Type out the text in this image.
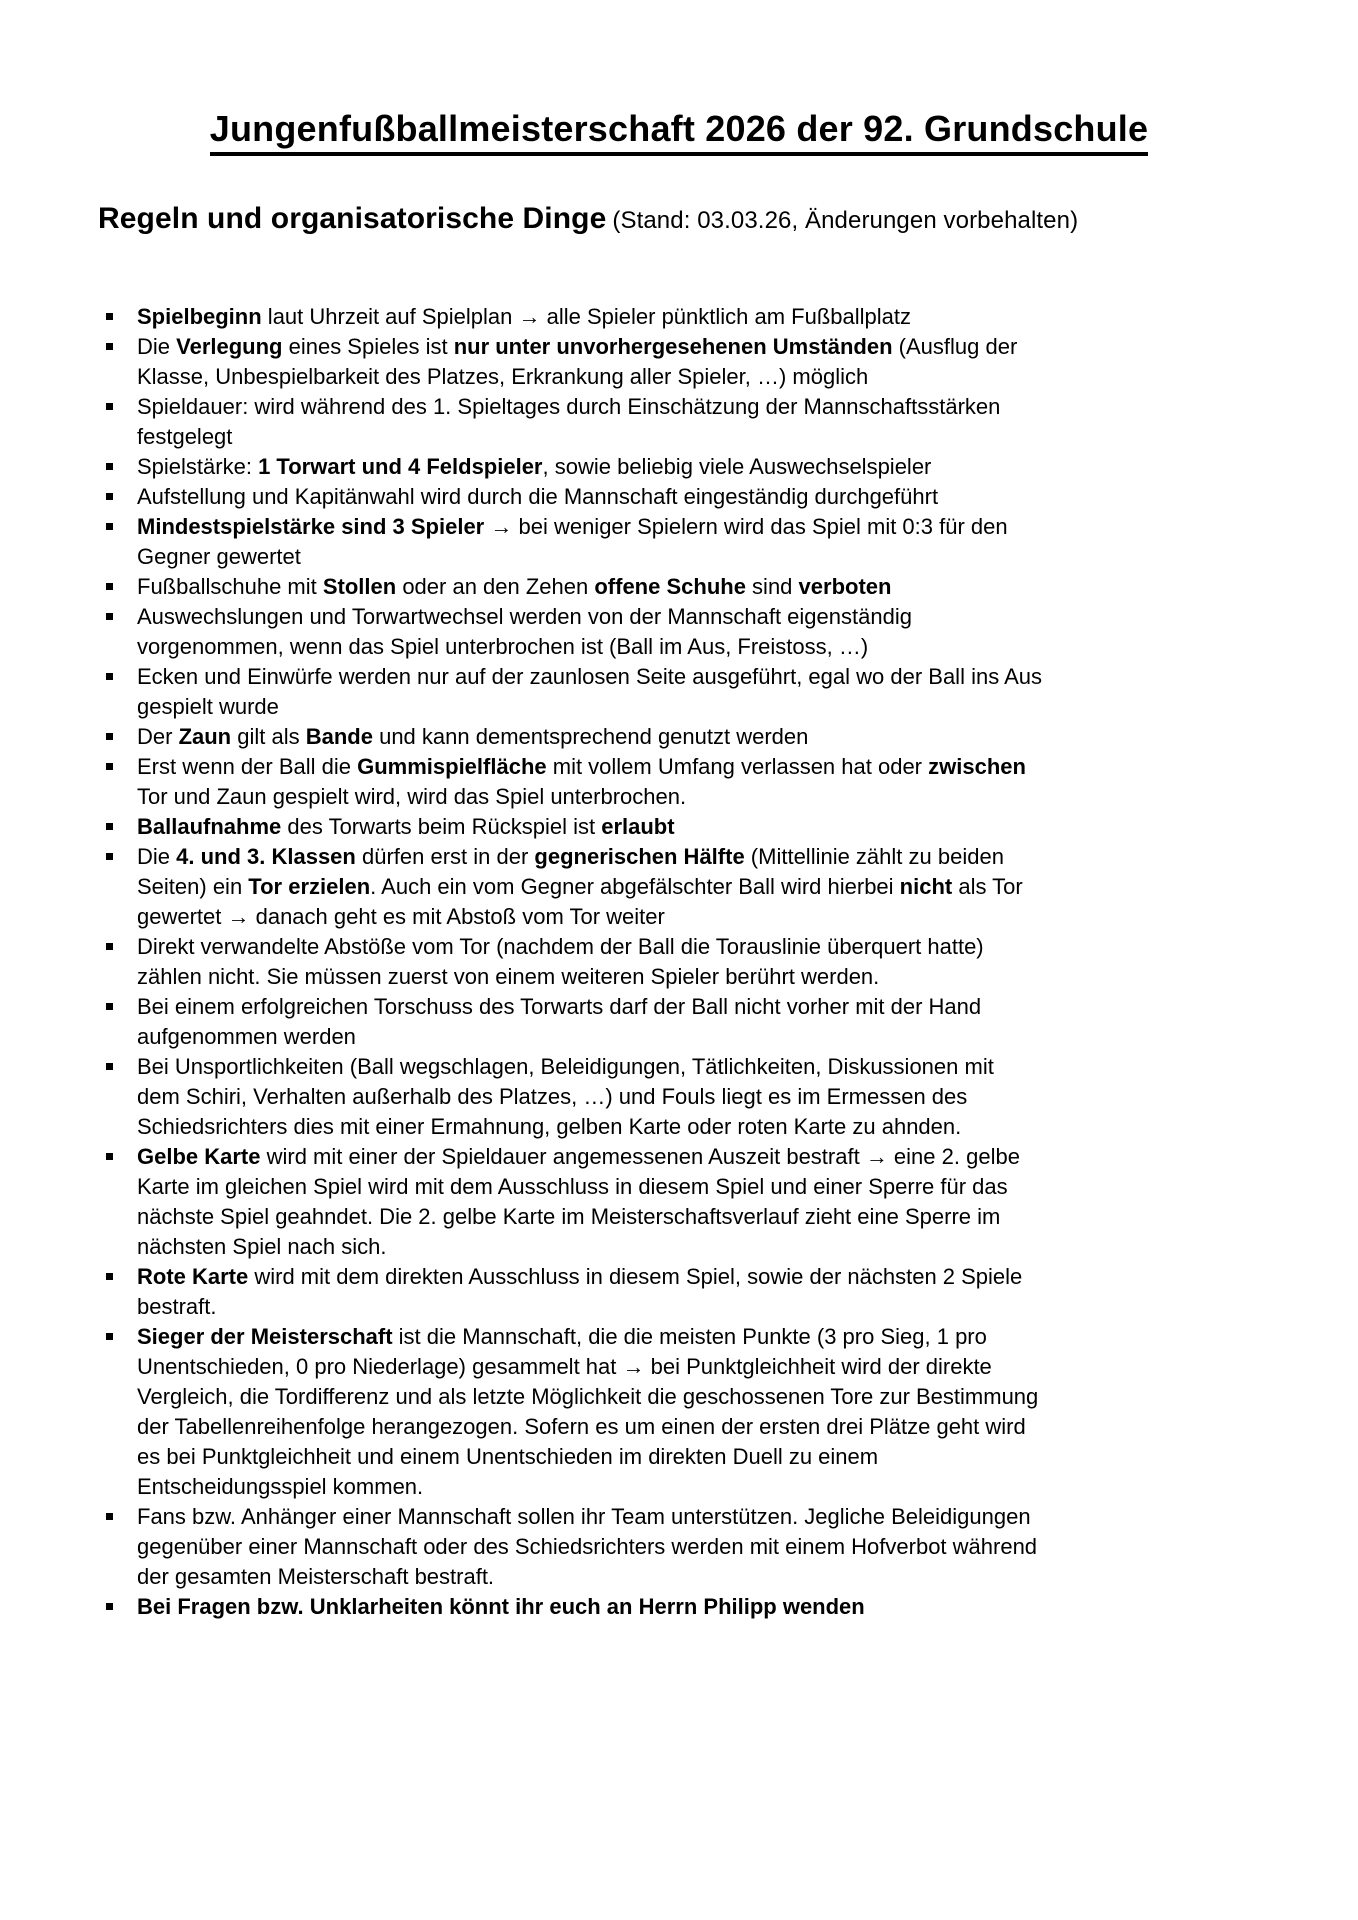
Jungenfußballmeisterschaft 2026 der 92. Grundschule
Regeln und organisatorische Dinge (Stand: 03.03.26, Änderungen vorbehalten)
Spielbeginn laut Uhrzeit auf Spielplan → alle Spieler pünktlich am Fußballplatz
Die Verlegung eines Spieles ist nur unter unvorhergesehenen Umständen (Ausflug der Klasse, Unbespielbarkeit des Platzes, Erkrankung aller Spieler, …) möglich
Spieldauer: wird während des 1. Spieltages durch Einschätzung der Mannschaftsstärken festgelegt
Spielstärke: 1 Torwart und 4 Feldspieler, sowie beliebig viele Auswechselspieler
Aufstellung und Kapitänwahl wird durch die Mannschaft eingeständig durchgeführt
Mindestspielstärke sind 3 Spieler → bei weniger Spielern wird das Spiel mit 0:3 für den Gegner gewertet
Fußballschuhe mit Stollen oder an den Zehen offene Schuhe sind verboten
Auswechslungen und Torwartwechsel werden von der Mannschaft eigenständig vorgenommen, wenn das Spiel unterbrochen ist (Ball im Aus, Freistoss, …)
Ecken und Einwürfe werden nur auf der zaunlosen Seite ausgeführt, egal wo der Ball ins Aus gespielt wurde
Der Zaun gilt als Bande und kann dementsprechend genutzt werden
Erst wenn der Ball die Gummispielfläche mit vollem Umfang verlassen hat oder zwischen Tor und Zaun gespielt wird, wird das Spiel unterbrochen.
Ballaufnahme des Torwarts beim Rückspiel ist erlaubt
Die 4. und 3. Klassen dürfen erst in der gegnerischen Hälfte (Mittellinie zählt zu beiden Seiten) ein Tor erzielen. Auch ein vom Gegner abgefälschter Ball wird hierbei nicht als Tor gewertet → danach geht es mit Abstoß vom Tor weiter
Direkt verwandelte Abstöße vom Tor (nachdem der Ball die Torauslinie überquert hatte) zählen nicht. Sie müssen zuerst von einem weiteren Spieler berührt werden.
Bei einem erfolgreichen Torschuss des Torwarts darf der Ball nicht vorher mit der Hand aufgenommen werden
Bei Unsportlichkeiten (Ball wegschlagen, Beleidigungen, Tätlichkeiten, Diskussionen mit dem Schiri, Verhalten außerhalb des Platzes, …) und Fouls liegt es im Ermessen des Schiedsrichters dies mit einer Ermahnung, gelben Karte oder roten Karte zu ahnden.
Gelbe Karte wird mit einer der Spieldauer angemessenen Auszeit bestraft → eine 2. gelbe Karte im gleichen Spiel wird mit dem Ausschluss in diesem Spiel und einer Sperre für das nächste Spiel geahndet. Die 2. gelbe Karte im Meisterschaftsverlauf zieht eine Sperre im nächsten Spiel nach sich.
Rote Karte wird mit dem direkten Ausschluss in diesem Spiel, sowie der nächsten 2 Spiele bestraft.
Sieger der Meisterschaft ist die Mannschaft, die die meisten Punkte (3 pro Sieg, 1 pro Unentschieden, 0 pro Niederlage) gesammelt hat → bei Punktgleichheit wird der direkte Vergleich, die Tordifferenz und als letzte Möglichkeit die geschossenen Tore zur Bestimmung der Tabellenreihenfolge herangezogen. Sofern es um einen der ersten drei Plätze geht wird es bei Punktgleichheit und einem Unentschieden im direkten Duell zu einem Entscheidungsspiel kommen.
Fans bzw. Anhänger einer Mannschaft sollen ihr Team unterstützen. Jegliche Beleidigungen gegenüber einer Mannschaft oder des Schiedsrichters werden mit einem Hofverbot während der gesamten Meisterschaft bestraft.
Bei Fragen bzw. Unklarheiten könnt ihr euch an Herrn Philipp wenden
